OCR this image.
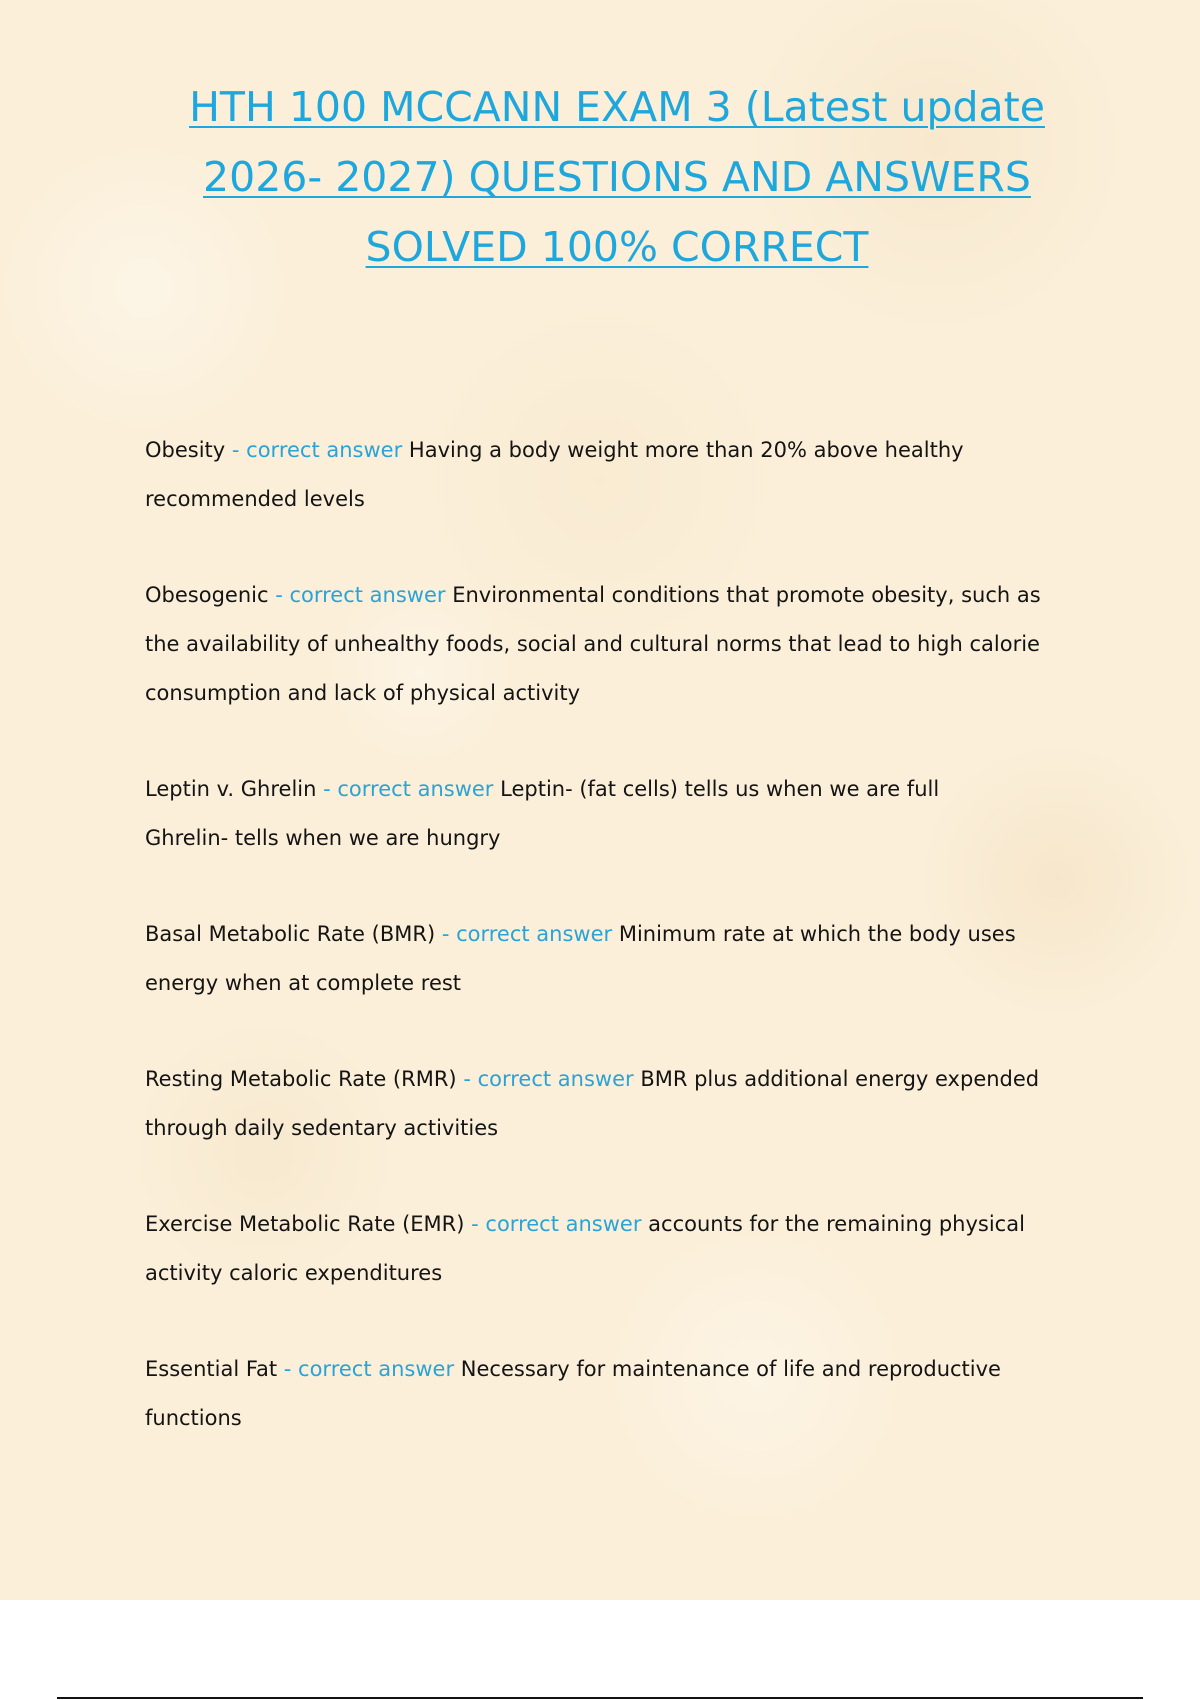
HTH 100 MCCANN EXAM 3 (Latest update
2026- 2027) QUESTIONS AND ANSWERS
SOLVED 100% CORRECT
Obesity - correct answer Having a body weight more than 20% above healthy
recommended levels
Obesogenic - correct answer Environmental conditions that promote obesity, such as
the availability of unhealthy foods, social and cultural norms that lead to high calorie
consumption and lack of physical activity
Leptin v. Ghrelin - correct answer Leptin- (fat cells) tells us when we are full
Ghrelin- tells when we are hungry
Basal Metabolic Rate (BMR) - correct answer Minimum rate at which the body uses
energy when at complete rest
Resting Metabolic Rate (RMR) - correct answer BMR plus additional energy expended
through daily sedentary activities
Exercise Metabolic Rate (EMR) - correct answer accounts for the remaining physical
activity caloric expenditures
Essential Fat - correct answer Necessary for maintenance of life and reproductive
functions
